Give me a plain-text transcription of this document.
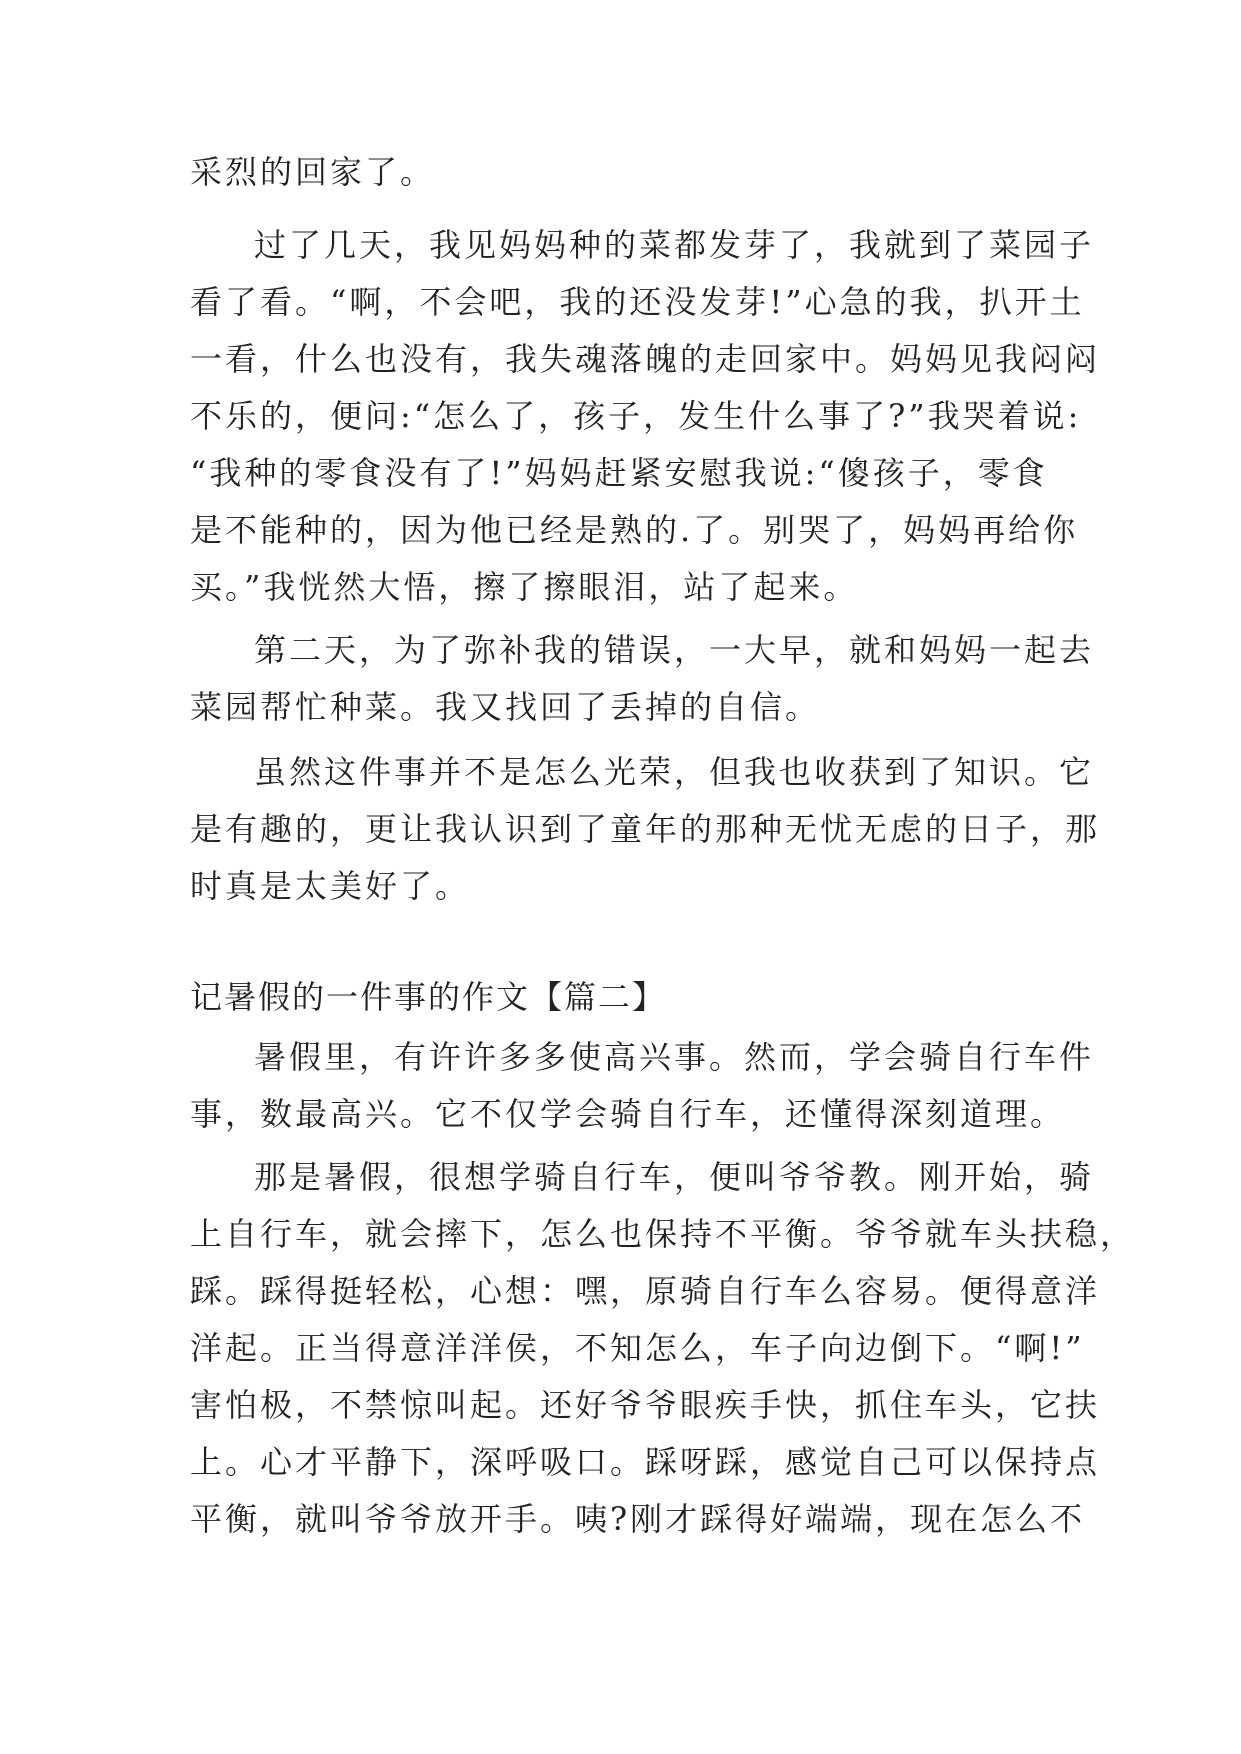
采烈的回家了。
过了几天，我见妈妈种的菜都发芽了，我就到了菜园子
看了看。“啊，不会吧，我的还没发芽!”心急的我，扒开土
一看，什么也没有，我失魂落魄的走回家中。妈妈见我闷闷
不乐的，便问:“怎么了，孩子，发生什么事了?”我哭着说:
“我种的零食没有了!”妈妈赶紧安慰我说:“傻孩子，零食
是不能种的，因为他已经是熟的.了。别哭了，妈妈再给你
买。”我恍然大悟，擦了擦眼泪，站了起来。
第二天，为了弥补我的错误，一大早，就和妈妈一起去
菜园帮忙种菜。我又找回了丢掉的自信。
虽然这件事并不是怎么光荣，但我也收获到了知识。它
是有趣的，更让我认识到了童年的那种无忧无虑的日子，那
时真是太美好了。
记暑假的一件事的作文【篇二】
暑假里，有许许多多使高兴事。然而，学会骑自行车件
事，数最高兴。它不仅学会骑自行车，还懂得深刻道理。
那是暑假，很想学骑自行车，便叫爷爷教。刚开始，骑
上自行车，就会摔下，怎么也保持不平衡。爷爷就车头扶稳，
踩。踩得挺轻松，心想：嘿，原骑自行车么容易。便得意洋
洋起。正当得意洋洋侯，不知怎么，车子向边倒下。“啊!”
害怕极，不禁惊叫起。还好爷爷眼疾手快，抓住车头，它扶
上。心才平静下，深呼吸口。踩呀踩，感觉自己可以保持点
平衡，就叫爷爷放开手。咦?刚才踩得好端端，现在怎么不
